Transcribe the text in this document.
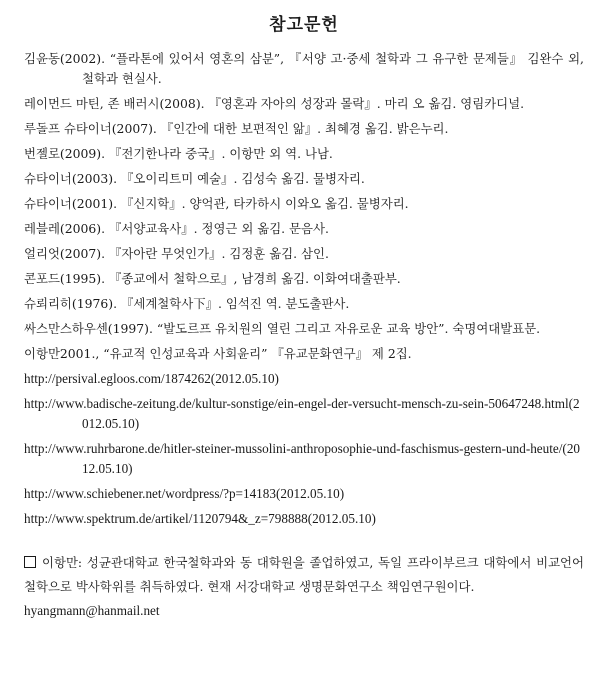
참고문헌
김윤동(2002). “플라톤에 있어서 영혼의 삼분”, 『서양 고·중세 철학과 그 유구한 문제들』 김완수 외, 철학과 현실사.
레이먼드 마틴, 존 배러시(2008). 『영혼과 자아의 성장과 몰락』. 마리 오 옮김. 영림카디널.
루돌프 슈타이너(2007). 『인간에 대한 보편적인 앎』. 최혜경 옮김. 밝은누리.
번젤로(2009). 『전기한나라 중국』. 이항만 외 역. 나남.
슈타이너(2003). 『오이리트미 예술』. 김성숙 옮김. 물병자리.
슈타이너(2001). 『신지학』. 양억관, 타카하시 이와오 옮김. 물병자리.
레블레(2006). 『서양교육사』. 정영근 외 옮김. 문음사.
얼리엇(2007). 『자아란 무엇인가』. 김정훈 옮김. 삼인.
콘포드(1995). 『종교에서 철학으로』, 남경희 옮김. 이화여대출판부.
슈뢰리히(1976). 『세계철학사下』. 임석진 역. 분도출판사.
싸스만스하우센(1997). “발도르프 유치원의 열린 그리고 자유로운 교육 방안”. 숙명여대발표문.
이항만2001., “유교적 인성교육과 사회윤리” 『유교문화연구』 제 2집.
http://persival.egloos.com/1874262(2012.05.10)
http://www.badische-zeitung.de/kultur-sonstige/ein-engel-der-versucht-mensch-zu-sein-50647248.html(2012.05.10)
http://www.ruhrbarone.de/hitler-steiner-mussolini-anthroposophie-und-faschismus-gestern-und-heute/(2012.05.10)
http://www.schiebener.net/wordpress/?p=14183(2012.05.10)
http://www.spektrum.de/artikel/1120794&_z=798888(2012.05.10)
이항만: 성균관대학교 한국철학과와 동 대학원을 졸업하였고, 독일 프라이부르크 대학에서 비교언어철학으로 박사학위를 취득하였다. 현재 서강대학교 생명문화연구소 책임연구원이다.
hyangmann@hanmail.net
